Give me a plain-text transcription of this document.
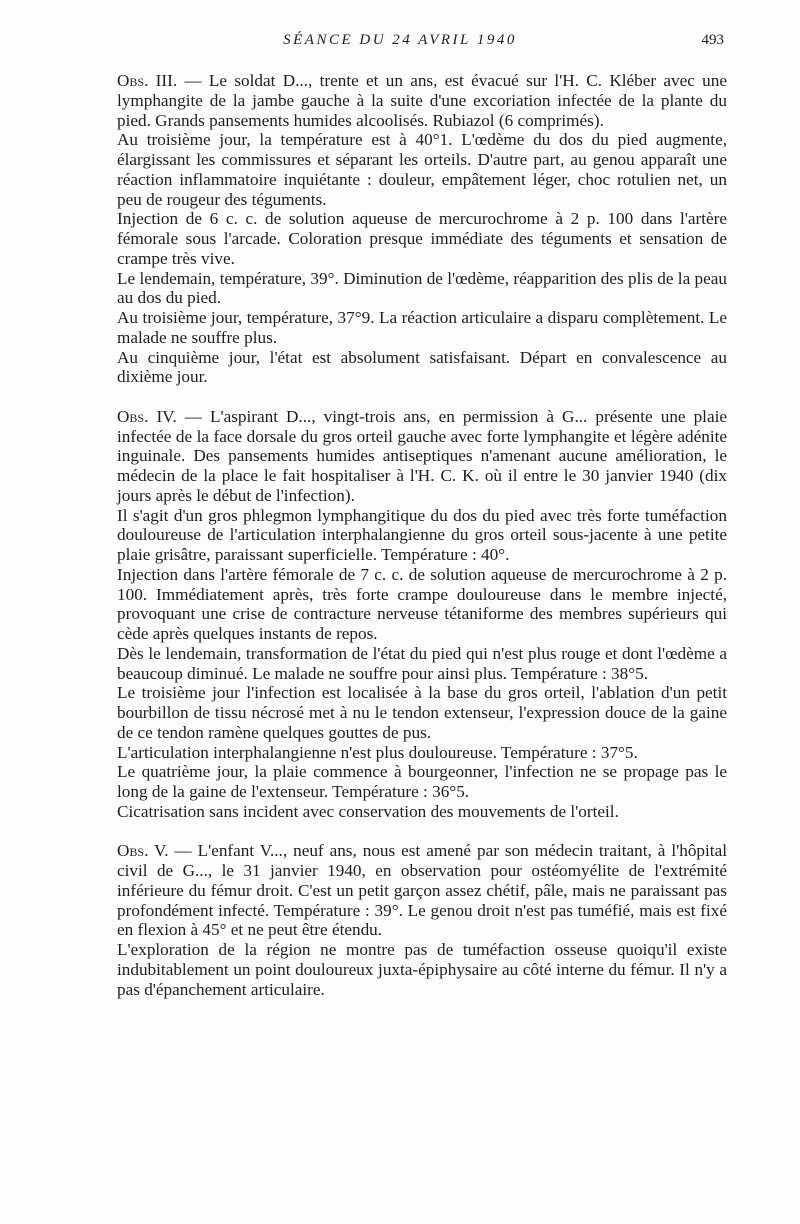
SÉANCE DU 24 AVRIL 1940	493

Obs. III. — Le soldat D..., trente et un ans, est évacué sur l'H. C. Kléber avec une lymphangite de la jambe gauche à la suite d'une excoriation infectée de la plante du pied. Grands pansements humides alcoolisés. Rubiazol (6 comprimés).

Au troisième jour, la température est à 40°1. L'œdème du dos du pied augmente, élargissant les commissures et séparant les orteils. D'autre part, au genou apparaît une réaction inflammatoire inquiétante : douleur, empâtement léger, choc rotulien net, un peu de rougeur des téguments.

Injection de 6 c. c. de solution aqueuse de mercurochrome à 2 p. 100 dans l'artère fémorale sous l'arcade. Coloration presque immédiate des téguments et sensation de crampe très vive.

Le lendemain, température, 39°. Diminution de l'œdème, réapparition des plis de la peau au dos du pied.

Au troisième jour, température, 37°9. La réaction articulaire a disparu complètement. Le malade ne souffre plus.

Au cinquième jour, l'état est absolument satisfaisant. Départ en convalescence au dixième jour.

Obs. IV. — L'aspirant D..., vingt-trois ans, en permission à G... présente une plaie infectée de la face dorsale du gros orteil gauche avec forte lymphangite et légère adénite inguinale. Des pansements humides antiseptiques n'amenant aucune amélioration, le médecin de la place le fait hospitaliser à l'H. C. K. où il entre le 30 janvier 1940 (dix jours après le début de l'infection).

Il s'agit d'un gros phlegmon lymphangitique du dos du pied avec très forte tuméfaction douloureuse de l'articulation interphalangienne du gros orteil sous-jacente à une petite plaie grisâtre, paraissant superficielle. Température : 40°.

Injection dans l'artère fémorale de 7 c. c. de solution aqueuse de mercurochrome à 2 p. 100. Immédiatement après, très forte crampe douloureuse dans le membre injecté, provoquant une crise de contracture nerveuse tétaniforme des membres supérieurs qui cède après quelques instants de repos.

Dès le lendemain, transformation de l'état du pied qui n'est plus rouge et dont l'œdème a beaucoup diminué. Le malade ne souffre pour ainsi plus. Température : 38°5.

Le troisième jour l'infection est localisée à la base du gros orteil, l'ablation d'un petit bourbillon de tissu nécrosé met à nu le tendon extenseur, l'expression douce de la gaine de ce tendon ramène quelques gouttes de pus.

L'articulation interphalangienne n'est plus douloureuse. Température : 37°5.

Le quatrième jour, la plaie commence à bourgeonner, l'infection ne se propage pas le long de la gaine de l'extenseur. Température : 36°5.

Cicatrisation sans incident avec conservation des mouvements de l'orteil.

Obs. V. — L'enfant V..., neuf ans, nous est amené par son médecin traitant, à l'hôpital civil de G..., le 31 janvier 1940, en observation pour ostéomyélite de l'extrémité inférieure du fémur droit. C'est un petit garçon assez chétif, pâle, mais ne paraissant pas profondément infecté. Température : 39°. Le genou droit n'est pas tuméfié, mais est fixé en flexion à 45° et ne peut être étendu.

L'exploration de la région ne montre pas de tuméfaction osseuse quoiqu'il existe indubitablement un point douloureux juxta-épiphysaire au côté interne du fémur. Il n'y a pas d'épanchement articulaire.
